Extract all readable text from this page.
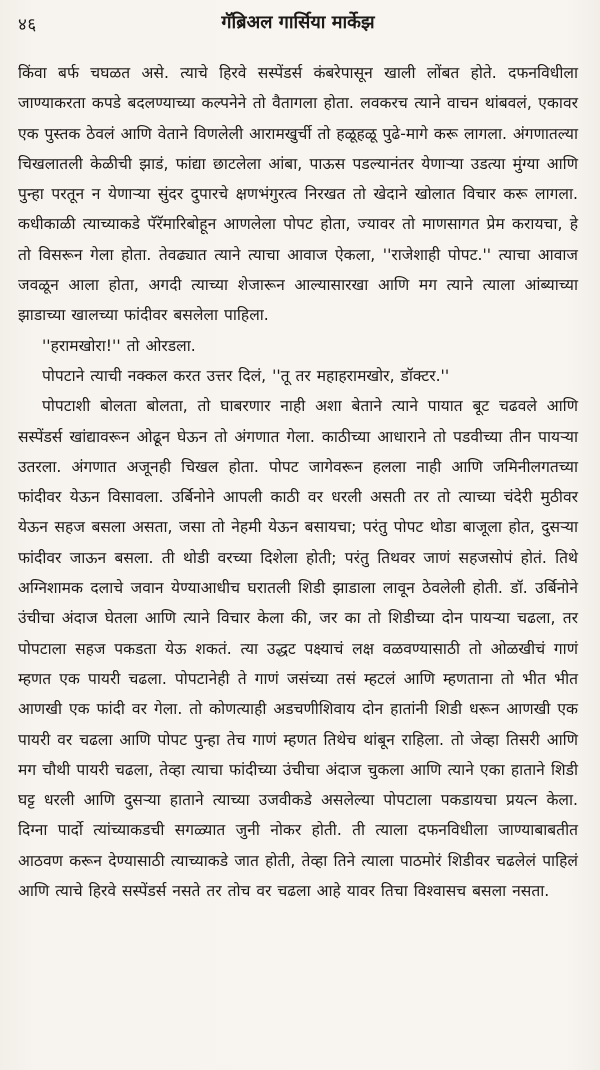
४६	गॅब्रिअल गार्सिया मार्केझ

किंवा बर्फ चघळत असे. त्याचे हिरवे सस्पेंडर्स कंबरेपासून खाली लोंबत होते. दफनविधीला जाण्याकरता कपडे बदलण्याच्या कल्पनेने तो वैतागला होता. लवकरच त्याने वाचन थांबवलं, एकावर एक पुस्तक ठेवलं आणि वेताने विणलेली आरामखुर्ची तो हळूहळू पुढे-मागे करू लागला. अंगणातल्या चिखलातली केळीची झाडं, फांद्या छाटलेला आंबा, पाऊस पडल्यानंतर येणाऱ्या उडत्या मुंग्या आणि पुन्हा परतून न येणाऱ्या सुंदर दुपारचे क्षणभंगुरत्व निरखत तो खेदाने खोलात विचार करू लागला. कधीकाळी त्याच्याकडे पॅरॅमारिबोहून आणलेला पोपट होता, ज्यावर तो माणसागत प्रेम करायचा, हे तो विसरून गेला होता. तेवढ्यात त्याने त्याचा आवाज ऐकला, ''राजेशाही पोपट.'' त्याचा आवाज जवळून आला होता, अगदी त्याच्या शेजारून आल्यासारखा आणि मग त्याने त्याला आंब्याच्या झाडाच्या खालच्या फांदीवर बसलेला पाहिला.

''हरामखोरा!'' तो ओरडला.

पोपटाने त्याची नक्कल करत उत्तर दिलं, ''तू तर महाहरामखोर, डॉक्टर.''

पोपटाशी बोलता बोलता, तो घाबरणार नाही अशा बेताने त्याने पायात बूट चढवले आणि सस्पेंडर्स खांद्यावरून ओढून घेऊन तो अंगणात गेला. काठीच्या आधाराने तो पडवीच्या तीन पायऱ्या उतरला. अंगणात अजूनही चिखल होता. पोपट जागेवरून हलला नाही आणि जमिनीलगतच्या फांदीवर येऊन विसावला. उर्बिनोने आपली काठी वर धरली असती तर तो त्याच्या चंदेरी मुठीवर येऊन सहज बसला असता, जसा तो नेहमी येऊन बसायचा; परंतु पोपट थोडा बाजूला होत, दुसऱ्या फांदीवर जाऊन बसला. ती थोडी वरच्या दिशेला होती; परंतु तिथवर जाणं सहजसोपं होतं. तिथे अग्निशामक दलाचे जवान येण्याआधीच घरातली शिडी झाडाला लावून ठेवलेली होती. डॉ. उर्बिनोने उंचीचा अंदाज घेतला आणि त्याने विचार केला की, जर का तो शिडीच्या दोन पायऱ्या चढला, तर पोपटाला सहज पकडता येऊ शकतं. त्या उद्धट पक्ष्याचं लक्ष वळवण्यासाठी तो ओळखीचं गाणं म्हणत एक पायरी चढला. पोपटानेही ते गाणं जसंच्या तसं म्हटलं आणि म्हणताना तो भीत भीत आणखी एक फांदी वर गेला. तो कोणत्याही अडचणीशिवाय दोन हातांनी शिडी धरून आणखी एक पायरी वर चढला आणि पोपट पुन्हा तेच गाणं म्हणत तिथेच थांबून राहिला. तो जेव्हा तिसरी आणि मग चौथी पायरी चढला, तेव्हा त्याचा फांदीच्या उंचीचा अंदाज चुकला आणि त्याने एका हाताने शिडी घट्ट धरली आणि दुसऱ्या हाताने त्याच्या उजवीकडे असलेल्या पोपटाला पकडायचा प्रयत्न केला. दिग्ना पार्दो त्यांच्याकडची सगळ्यात जुनी नोकर होती. ती त्याला दफनविधीला जाण्याबाबतीत आठवण करून देण्यासाठी त्याच्याकडे जात होती, तेव्हा तिने त्याला पाठमोरं शिडीवर चढलेलं पाहिलं आणि त्याचे हिरवे सस्पेंडर्स नसते तर तोच वर चढला आहे यावर तिचा विश्वासच बसला नसता.
